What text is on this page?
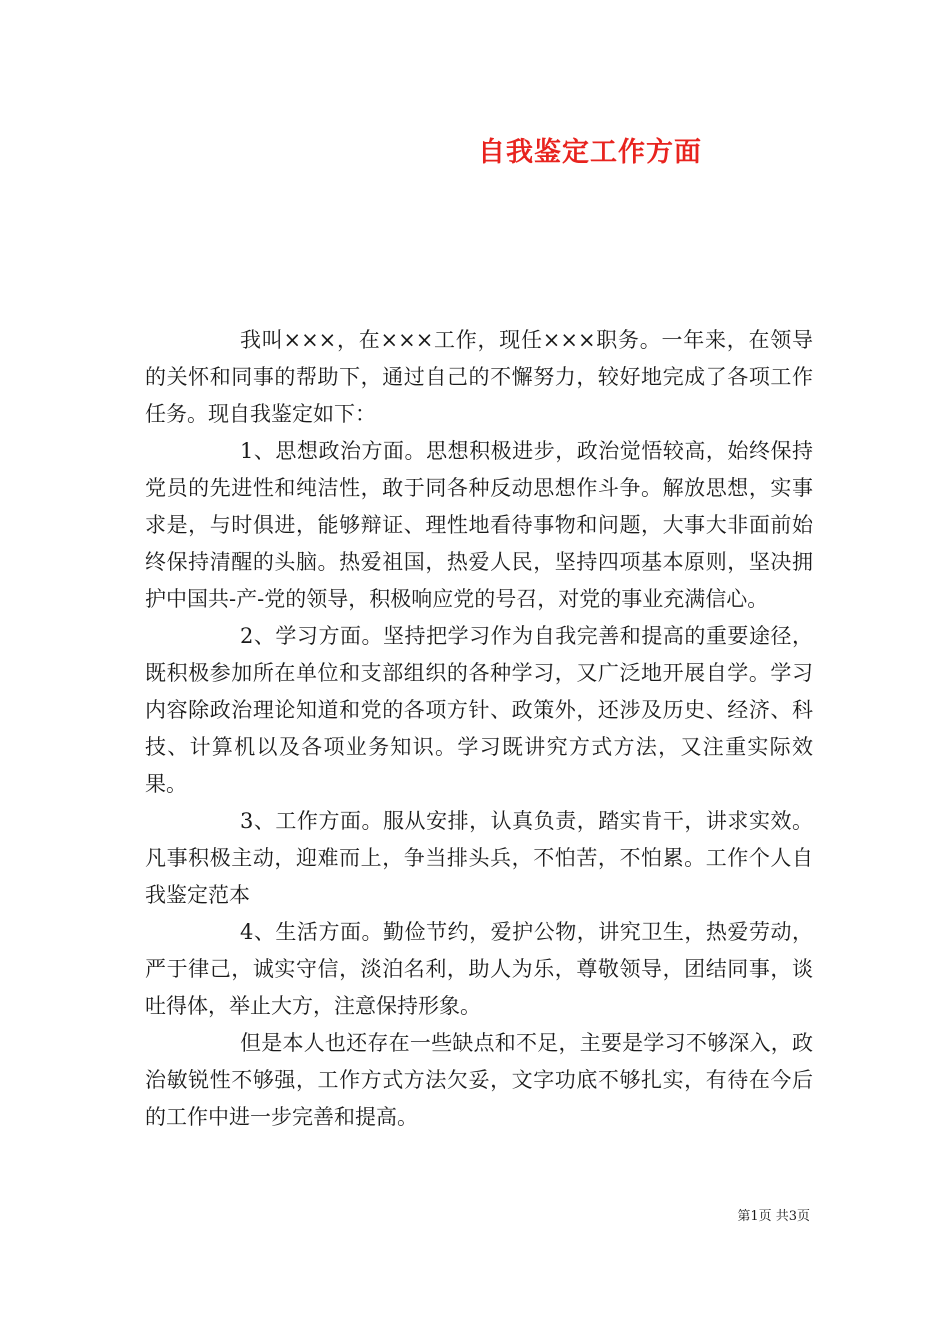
自我鉴定工作方面

我叫×××，在×××工作，现任×××职务。一年来，在领导的关怀和同事的帮助下，通过自己的不懈努力，较好地完成了各项工作任务。现自我鉴定如下：

1、思想政治方面。思想积极进步，政治觉悟较高，始终保持党员的先进性和纯洁性，敢于同各种反动思想作斗争。解放思想，实事求是，与时俱进，能够辩证、理性地看待事物和问题，大事大非面前始终保持清醒的头脑。热爱祖国，热爱人民，坚持四项基本原则，坚决拥护中国共-产-党的领导，积极响应党的号召，对党的事业充满信心。

2、学习方面。坚持把学习作为自我完善和提高的重要途径，既积极参加所在单位和支部组织的各种学习，又广泛地开展自学。学习内容除政治理论知道和党的各项方针、政策外，还涉及历史、经济、科技、计算机以及各项业务知识。学习既讲究方式方法，又注重实际效果。

3、工作方面。服从安排，认真负责，踏实肯干，讲求实效。凡事积极主动，迎难而上，争当排头兵，不怕苦，不怕累。工作个人自我鉴定范本

4、生活方面。勤俭节约，爱护公物，讲究卫生，热爱劳动，严于律己，诚实守信，淡泊名利，助人为乐，尊敬领导，团结同事，谈吐得体，举止大方，注意保持形象。

但是本人也还存在一些缺点和不足，主要是学习不够深入，政治敏锐性不够强，工作方式方法欠妥，文字功底不够扎实，有待在今后的工作中进一步完善和提高。

第1页 共3页
